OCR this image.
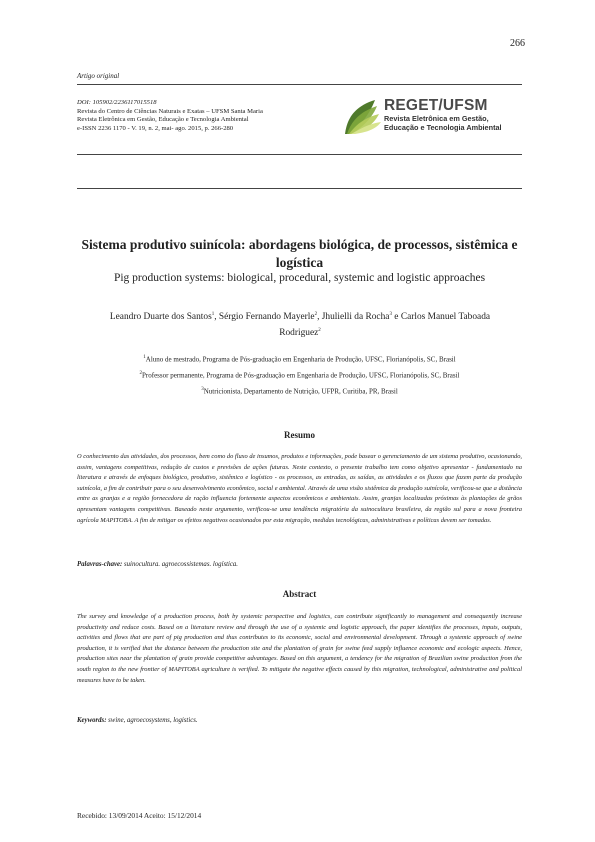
266
Artigo original
DOI: 105902/2236117015518
Revista do Centro de Ciências Naturais e Exatas – UFSM Santa Maria
Revista Eletrônica em Gestão, Educação e Tecnologia Ambiental
e-ISSN 2236 1170 - V. 19, n. 2, mai- ago. 2015, p. 266-280
REGET/UFSM
Revista Eletrônica em Gestão,
Educação e Tecnologia Ambiental
Sistema produtivo suinícola: abordagens biológica, de processos, sistêmica e logística
Pig production systems: biological, procedural, systemic and logistic approaches
Leandro Duarte dos Santos$^1$, Sérgio Fernando Mayerle$^2$, Jhulielli da Rocha$^3$ e Carlos Manuel Taboada Rodriguez$^2$
$^1$Aluno de mestrado, Programa de Pós-graduação em Engenharia de Produção, UFSC, Florianópolis, SC, Brasil
$^2$Professor permanente, Programa de Pós-graduação em Engenharia de Produção, UFSC, Florianópolis, SC, Brasil
$^3$Nutricionista, Departamento de Nutrição, UFPR, Curitiba, PR, Brasil
Resumo
O conhecimento das atividades, dos processos, bem como do fluxo de insumos, produtos e informações, pode basear o gerenciamento de um sistema produtivo, ocasionando, assim, vantagens competitivas, redução de custos e previsões de ações futuras. Neste contexto, o presente trabalho tem como objetivo apresentar - fundamentado na literatura e através de enfoques biológico, produtivo, sistêmico e logístico - os processos, as entradas, as saídas, as atividades e os fluxos que fazem parte da produção suinícola, a fim de contribuir para o seu desenvolvimento econômico, social e ambiental. Através de uma visão sistêmica da produção suinícola, verificou-se que a distância entre as granjas e a região fornecedora de ração influencia fortemente aspectos econômicos e ambientais. Assim, granjas localizadas próximas às plantações de grãos apresentam vantagens competitivas. Baseado neste argumento, verificou-se uma tendência migratória da suinocultura brasileira, da região sul para a nova fronteira agrícola MAPITOBA. A fim de mitigar os efeitos negativos ocasionados por esta migração, medidas tecnológicas, administrativas e políticas devem ser tomadas.
Palavras-chave: suinocultura. agroecossistemas. logística.
Abstract
The survey and knowledge of a production process, both by systemic perspective and logistics, can contribute significantly to management and consequently increase productivity and reduce costs. Based on a literature review and through the use of a systemic and logistic approach, the paper identifies the processes, inputs, outputs, activities and flows that are part of pig production and thus contributes to its economic, social and environmental development. Through a systemic approach of swine production, it is verified that the distance between the production site and the plantation of grain for swine feed supply influence economic and ecologic aspects. Hence, production sites near the plantation of grain provide competitive advantages. Based on this argument, a tendency for the migration of Brazilian swine production from the south region to the new frontier of MAPITOBA agriculture is verified. To mitigate the negative effects caused by this migration, technological, administrative and political measures have to be taken.
Keywords: swine, agroecosystems, logistics.
Recebido: 13/09/2014 Aceito: 15/12/2014
